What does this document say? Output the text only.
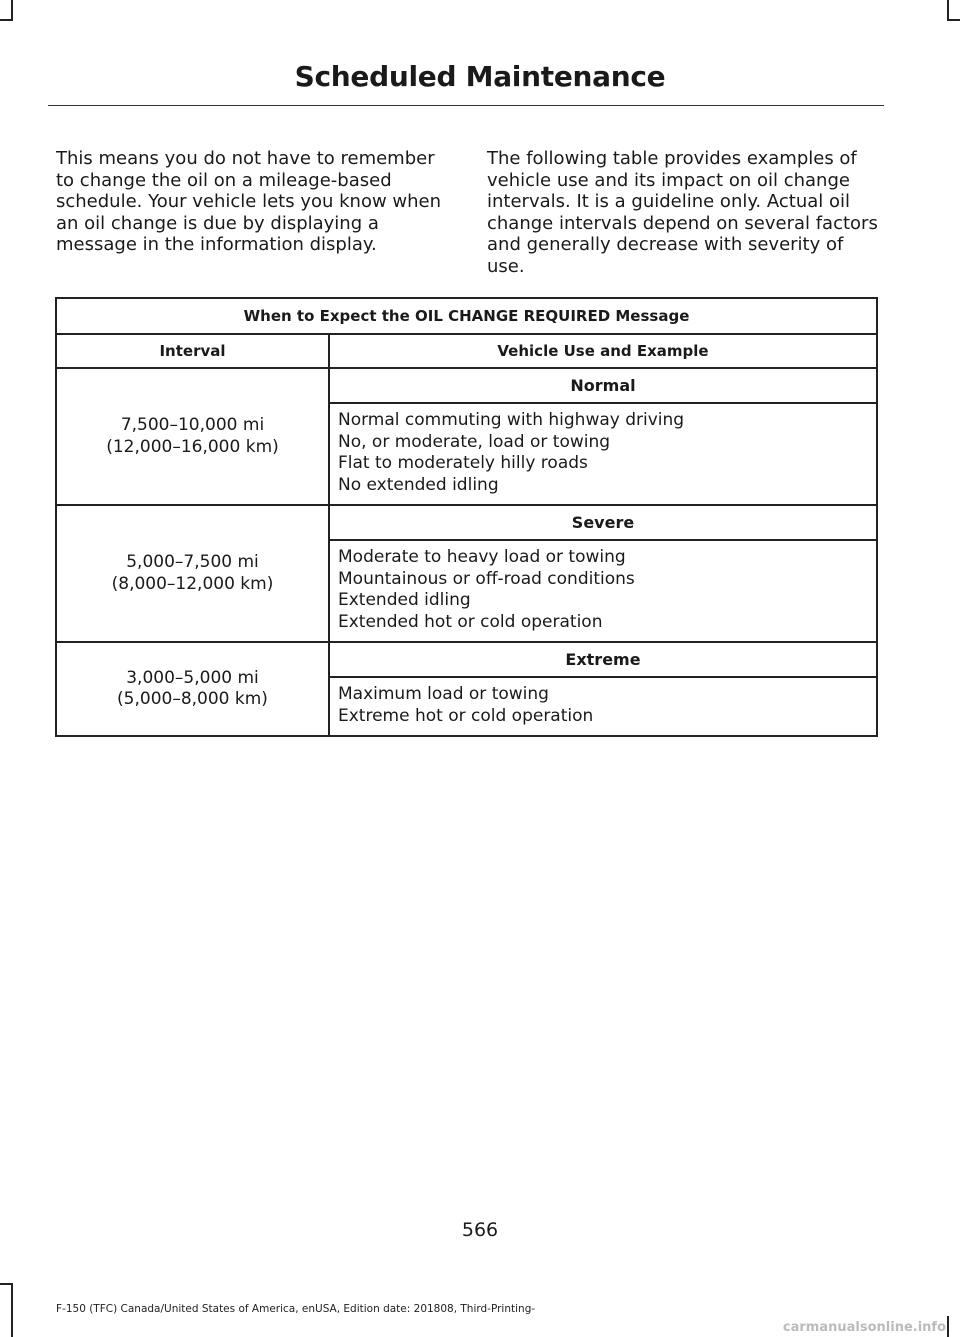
Scheduled Maintenance

This means you do not have to remember to change the oil on a mileage-based schedule. Your vehicle lets you know when an oil change is due by displaying a message in the information display.

The following table provides examples of vehicle use and its impact on oil change intervals. It is a guideline only. Actual oil change intervals depend on several factors and generally decrease with severity of use.

When to Expect the OIL CHANGE REQUIRED Message	
Interval	Vehicle Use and Example

7,500–10,000 mi
(12,000–16,000 km)	Normal

	Normal commuting with highway driving
No, or moderate, load or towing
Flat to moderately hilly roads
No extended idling

5,000–7,500 mi
(8,000–12,000 km)	Severe

	Moderate to heavy load or towing
Mountainous or off-road conditions
Extended idling
Extended hot or cold operation

3,000–5,000 mi
(5,000–8,000 km)	Extreme

	Maximum load or towing
Extreme hot or cold operation
566
F-150 (TFC) Canada/United States of America, enUSA, Edition date: 201808, Third-Printing-
carmanualsonline.info
